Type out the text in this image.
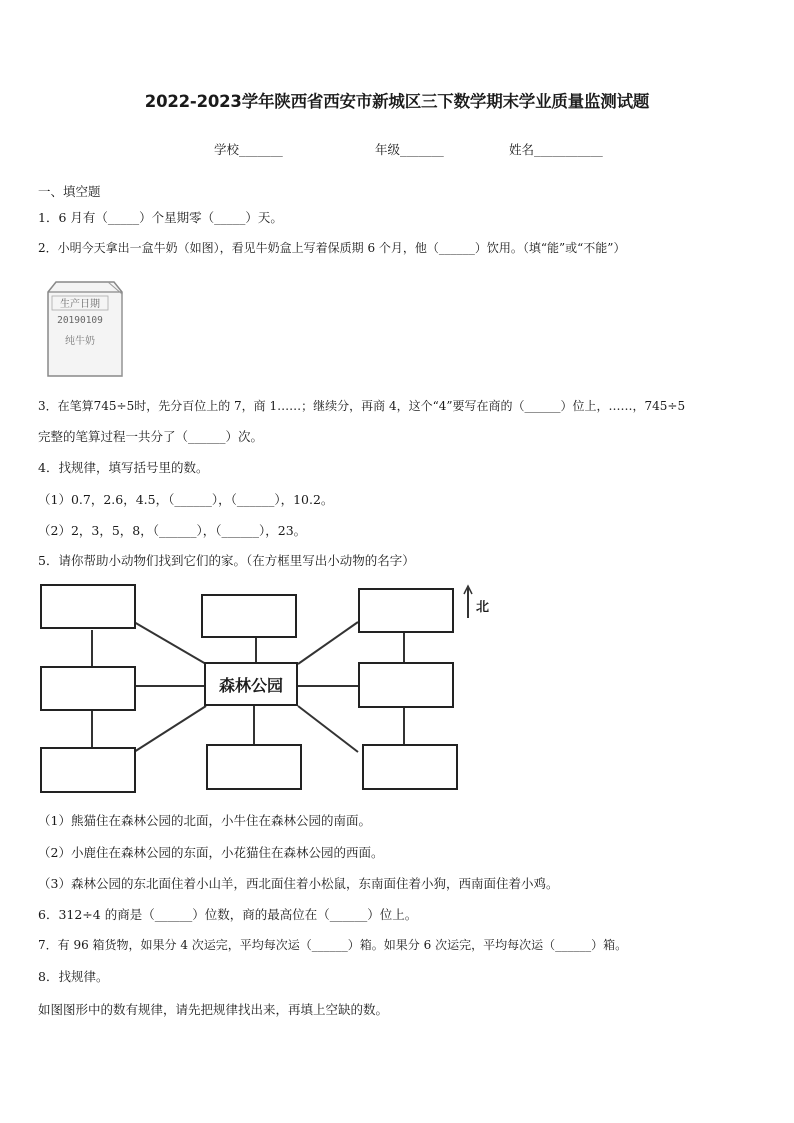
2022-2023学年陕西省西安市新城区三下数学期末学业质量监测试题
学校_______	年级_______	姓名___________
一、填空题
1．6 月有（_____）个星期零（_____）天。
2．小明今天拿出一盒牛奶（如图），看见牛奶盒上写着保质期 6 个月，他（______）饮用。（填“能”或“不能”）
生产日期
20190109
纯牛奶
3．在笔算745÷5时，先分百位上的 7，商 1……；继续分，再商 4，这个“4”要写在商的（______）位上，……，745÷5
完整的笔算过程一共分了（______）次。
4．找规律，填写括号里的数。
（1）0.7，2.6，4.5，（______），（______），10.2。
（2）2，3，5，8，（______），（______），23。
5．请你帮助小动物们找到它们的家。（在方框里写出小动物的名字）
森林公园
北
（1）熊猫住在森林公园的北面，小牛住在森林公园的南面。
（2）小鹿住在森林公园的东面，小花猫住在森林公园的西面。
（3）森林公园的东北面住着小山羊，西北面住着小松鼠，东南面住着小狗，西南面住着小鸡。
6．312÷4 的商是（______）位数，商的最高位在（______）位上。
7．有 96 箱货物，如果分 4 次运完，平均每次运（______）箱。如果分 6 次运完，平均每次运（______）箱。
8．找规律。
如图图形中的数有规律，请先把规律找出来，再填上空缺的数。
